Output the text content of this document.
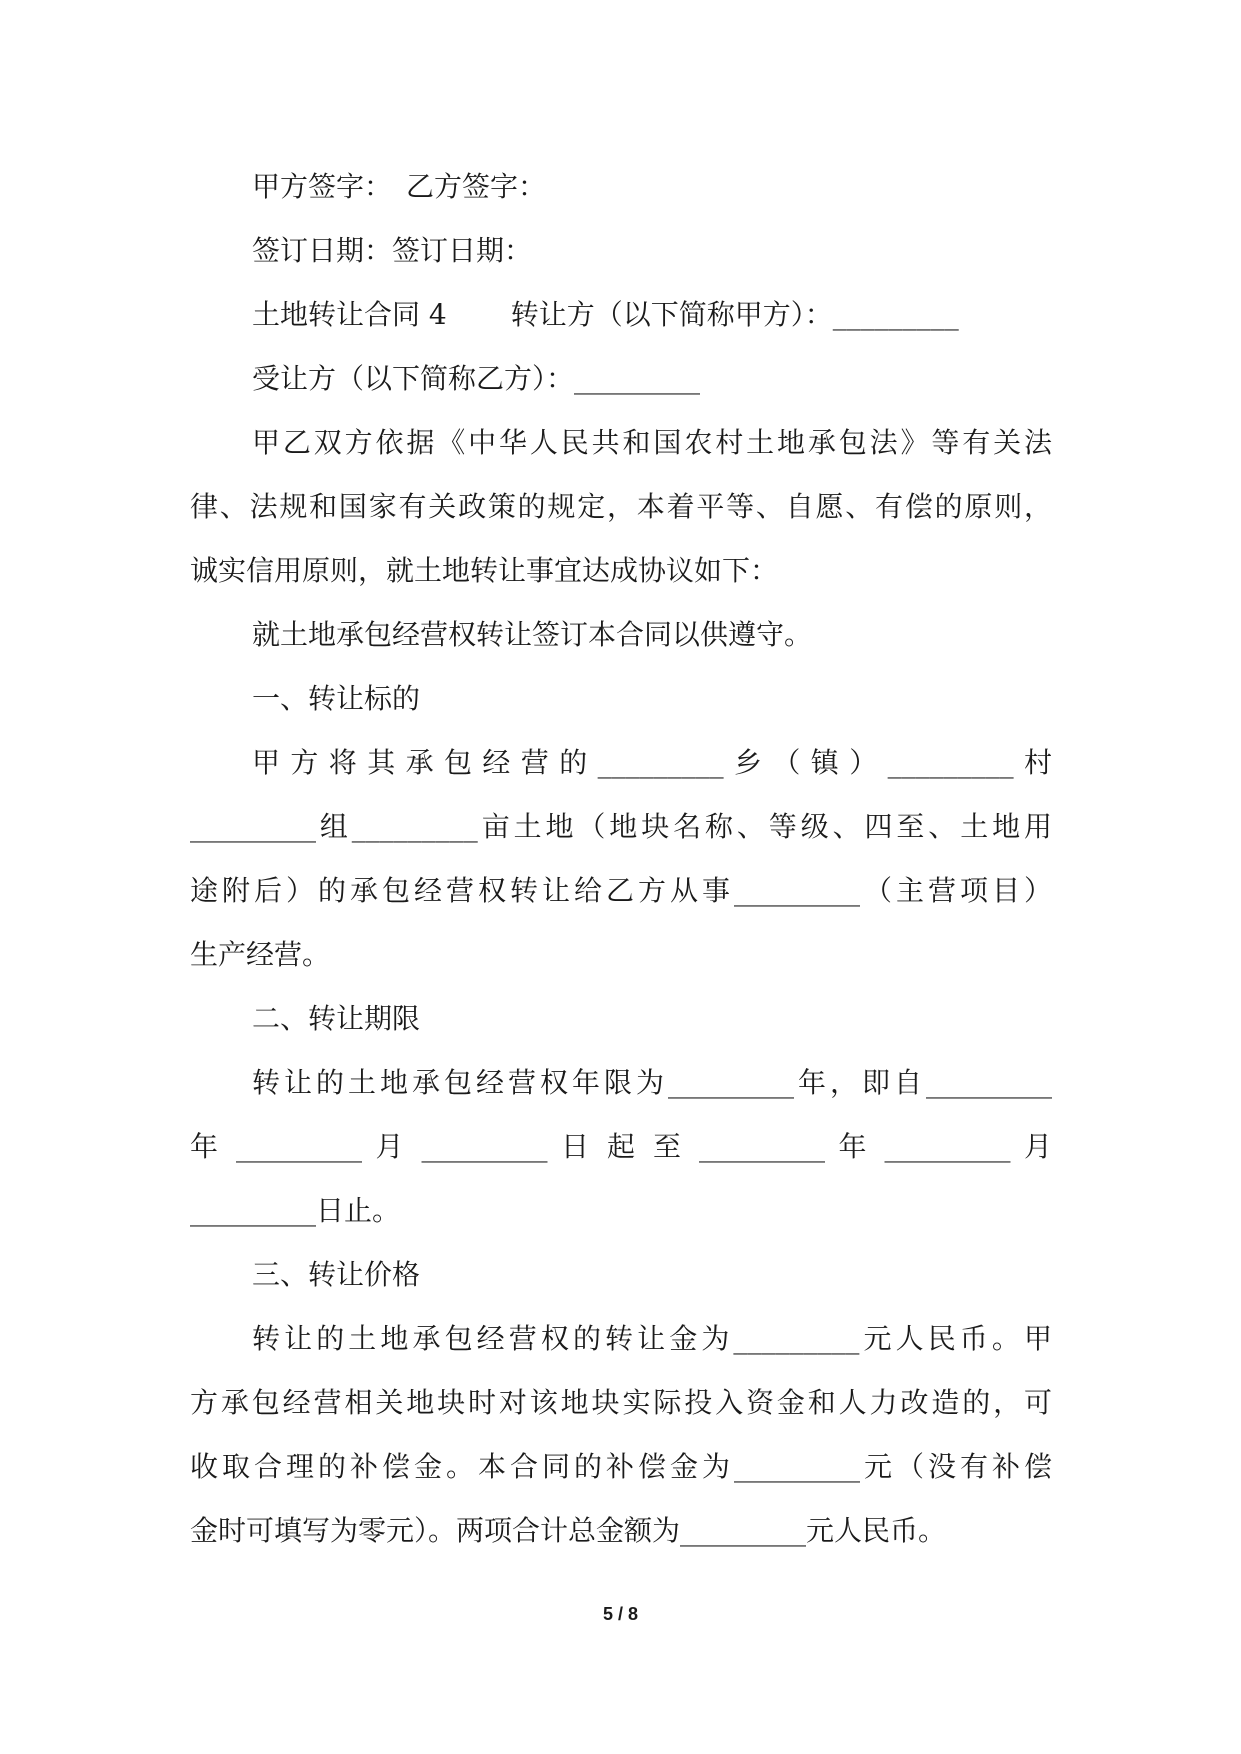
甲方签字：　乙方签字：

签订日期：签订日期：

土地转让合同 4 转让方（以下简称甲方）：_________

受让方（以下简称乙方）：_________

甲乙双方依据《中华人民共和国农村土地承包法》等有关法

律、法规和国家有关政策的规定，本着平等、自愿、有偿的原则，

诚实信用原则，就土地转让事宜达成协议如下：

就土地承包经营权转让签订本合同以供遵守。

一、转让标的

甲方将其承包经营的_________乡（镇）_________村

_________组_________亩土地（地块名称、等级、四至、土地用

途附后）的承包经营权转让给乙方从事_________（主营项目）

生产经营。

二、转让期限

转让的土地承包经营权年限为_________年，即自_________

年 _________ 月 _________ 日 起 至 _________ 年 _________ 月

_________日止。

三、转让价格

转让的土地承包经营权的转让金为_________元人民币。甲

方承包经营相关地块时对该地块实际投入资金和人力改造的，可

收取合理的补偿金。本合同的补偿金为_________元（没有补偿

金时可填写为零元）。两项合计总金额为_________元人民币。

5 / 8
